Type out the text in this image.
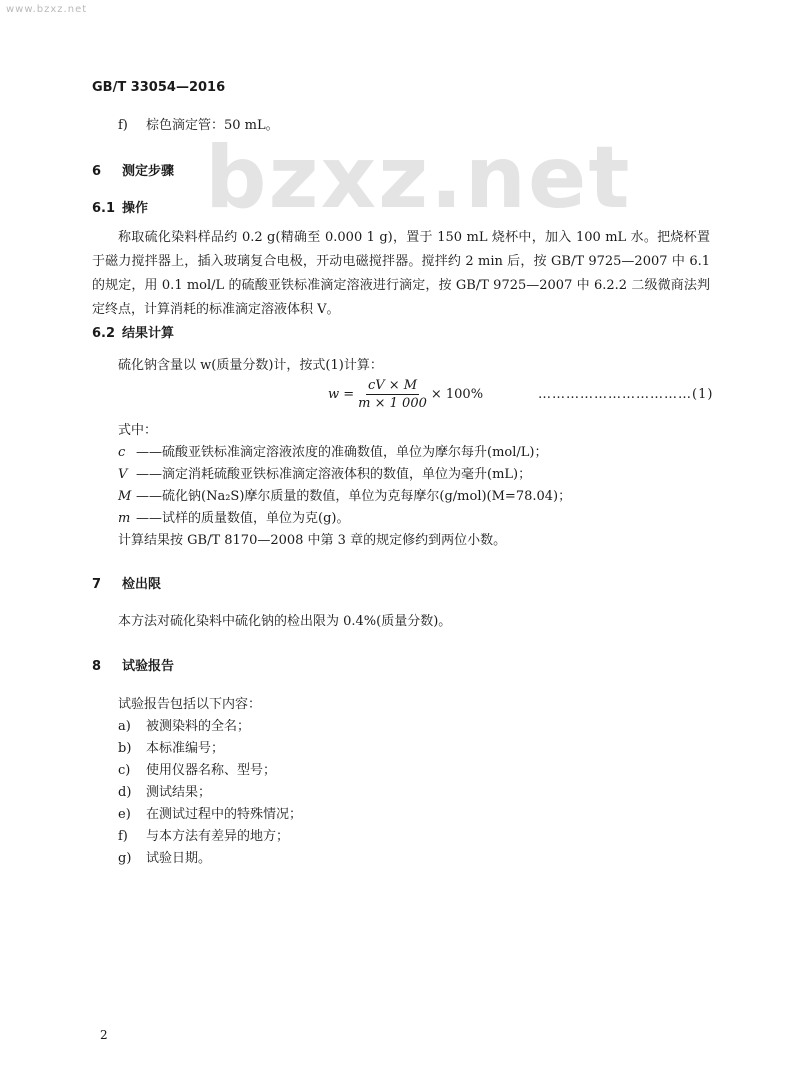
www.bzxz.net
bzxz.net
GB/T 33054—2016
f) 棕色滴定管：50 mL。
6 测定步骤
6.1 操作
称取硫化染料样品约 0.2 g(精确至 0.000 1 g)，置于 150 mL 烧杯中，加入 100 mL 水。把烧杯置于磁力搅拌器上，插入玻璃复合电极，开动电磁搅拌器。搅拌约 2 min 后，按 GB/T 9725—2007 中 6.1 的规定，用 0.1 mol/L 的硫酸亚铁标准滴定溶液进行滴定，按 GB/T 9725—2007 中 6.2.2 二级微商法判定终点，计算消耗的标准滴定溶液体积 V。
6.2 结果计算
硫化钠含量以 w(质量分数)计，按式(1)计算：
$w = \frac{cV \times M}{m \times 1 000} \times 100\%$	……………………………(1)
式中：
c ——硫酸亚铁标准滴定溶液浓度的准确数值，单位为摩尔每升(mol/L)；
V ——滴定消耗硫酸亚铁标准滴定溶液体积的数值，单位为毫升(mL)；
M ——硫化钠(Na₂S)摩尔质量的数值，单位为克每摩尔(g/mol)(M=78.04)；
m ——试样的质量数值，单位为克(g)。
计算结果按 GB/T 8170—2008 中第 3 章的规定修约到两位小数。
7 检出限
本方法对硫化染料中硫化钠的检出限为 0.4%(质量分数)。
8 试验报告
试验报告包括以下内容：
a) 被测染料的全名；
b) 本标准编号；
c) 使用仪器名称、型号；
d) 测试结果；
e) 在测试过程中的特殊情况；
f) 与本方法有差异的地方；
g) 试验日期。
2
